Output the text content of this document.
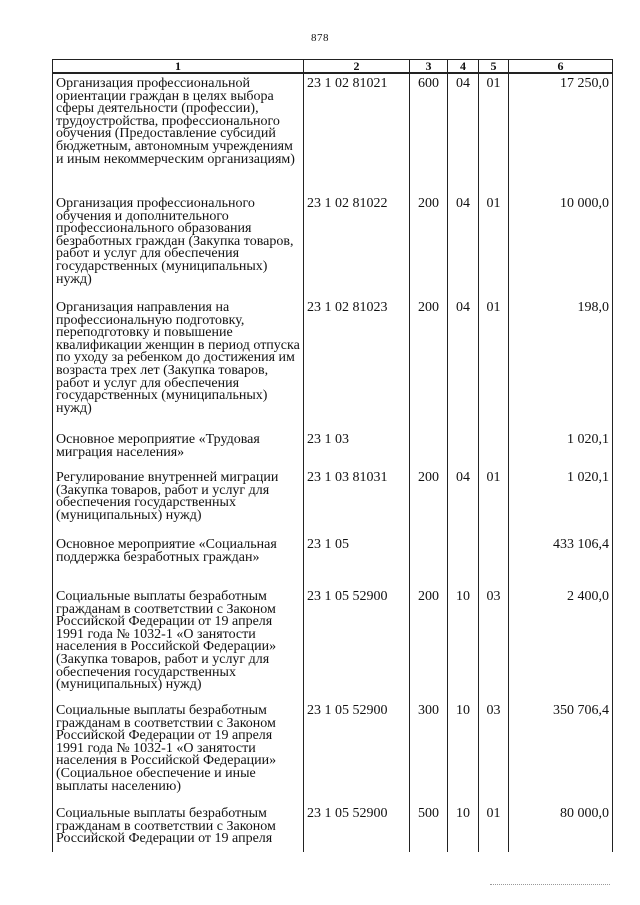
878
1	2	3	4	5	6
Организация профессиональной ориентации граждан в целях выбора сферы деятельности (профессии), трудоустройства, профессионального обучения (Предоставление субсидий бюджетным, автономным учреждениям и иным некоммерческим организациям)	23 1 02 81021	600	04	01	17 250,0
Организация профессионального обучения и дополнительного профессионального образования безработных граждан (Закупка товаров, работ и услуг для обеспечения государственных (муниципальных) нужд)	23 1 02 81022	200	04	01	10 000,0
Организация направления на профессиональную подготовку, переподготовку и повышение квалификации женщин в период отпуска по уходу за ребенком до достижения им возраста трех лет (Закупка товаров, работ и услуг для обеспечения государственных (муниципальных) нужд)	23 1 02 81023	200	04	01	198,0
Основное мероприятие «Трудовая миграция населения»	23 1 03				1 020,1
Регулирование внутренней миграции (Закупка товаров, работ и услуг для обеспечения государственных (муниципальных) нужд)	23 1 03 81031	200	04	01	1 020,1
Основное мероприятие «Социальная поддержка безработных граждан»	23 1 05				433 106,4
Социальные выплаты безработным гражданам в соответствии с Законом Российской Федерации от 19 апреля 1991 года № 1032-1 «О занятости населения в Российской Федерации» (Закупка товаров, работ и услуг для обеспечения государственных (муниципальных) нужд)	23 1 05 52900	200	10	03	2 400,0
Социальные выплаты безработным гражданам в соответствии с Законом Российской Федерации от 19 апреля 1991 года № 1032-1 «О занятости населения в Российской Федерации» (Социальное обеспечение и иные выплаты населению)	23 1 05 52900	300	10	03	350 706,4
Социальные выплаты безработным гражданам в соответствии с Законом Российской Федерации от 19 апреля	23 1 05 52900	500	10	01	80 000,0
